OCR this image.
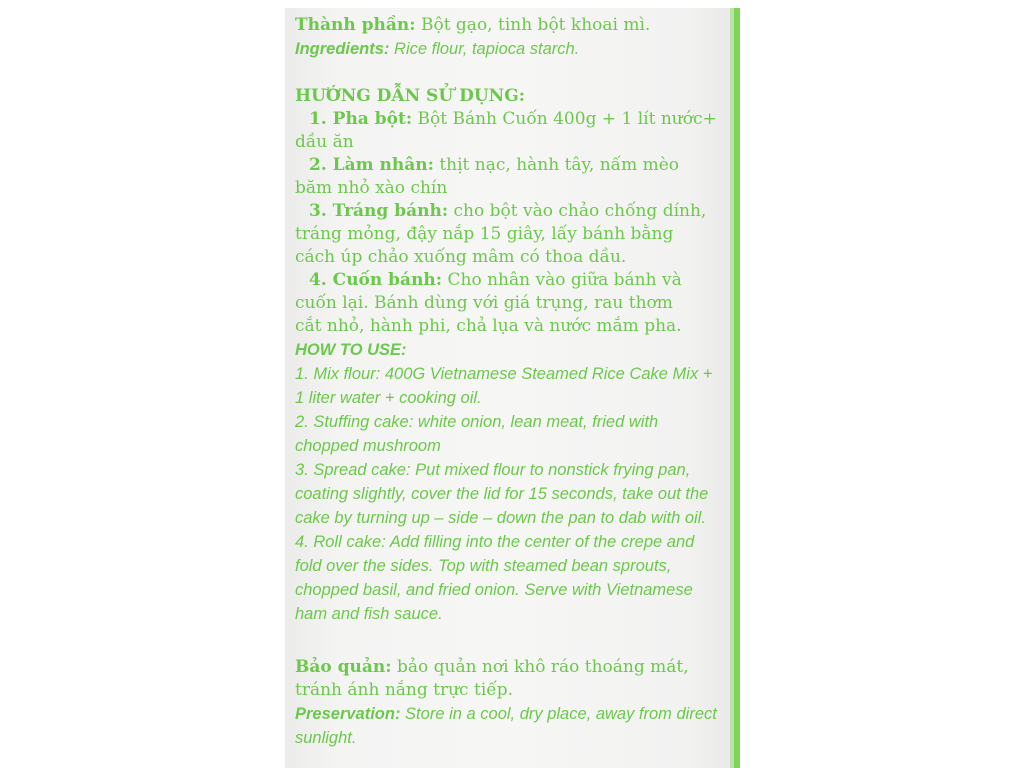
Thành phần: Bột gạo, tinh bột khoai mì.
Ingredients: Rice flour, tapioca starch.
HƯỚNG DẪN SỬ DỤNG:
1. Pha bột: Bột Bánh Cuốn 400g + 1 lít nước+
dầu ăn
2. Làm nhân: thịt nạc, hành tây, nấm mèo
băm nhỏ xào chín
3. Tráng bánh: cho bột vào chảo chống dính,
tráng mỏng, đậy nắp 15 giây, lấy bánh bằng
cách úp chảo xuống mâm có thoa dầu.
4. Cuốn bánh: Cho nhân vào giữa bánh và
cuốn lại. Bánh dùng với giá trụng, rau thơm
cắt nhỏ, hành phi, chả lụa và nước mắm pha.
HOW TO USE:
1. Mix flour: 400G Vietnamese Steamed Rice Cake Mix +
1 liter water + cooking oil.
2. Stuffing cake: white onion, lean meat, fried with
chopped mushroom
3. Spread cake: Put mixed flour to nonstick frying pan,
coating slightly, cover the lid for 15 seconds, take out the
cake by turning up – side – down the pan to dab with oil.
4. Roll cake: Add filling into the center of the crepe and
fold over the sides. Top with steamed bean sprouts,
chopped basil, and fried onion. Serve with Vietnamese
ham and fish sauce.
Bảo quản: bảo quản nơi khô ráo thoáng mát,
tránh ánh nắng trực tiếp.
Preservation: Store in a cool, dry place, away from direct
sunlight.
